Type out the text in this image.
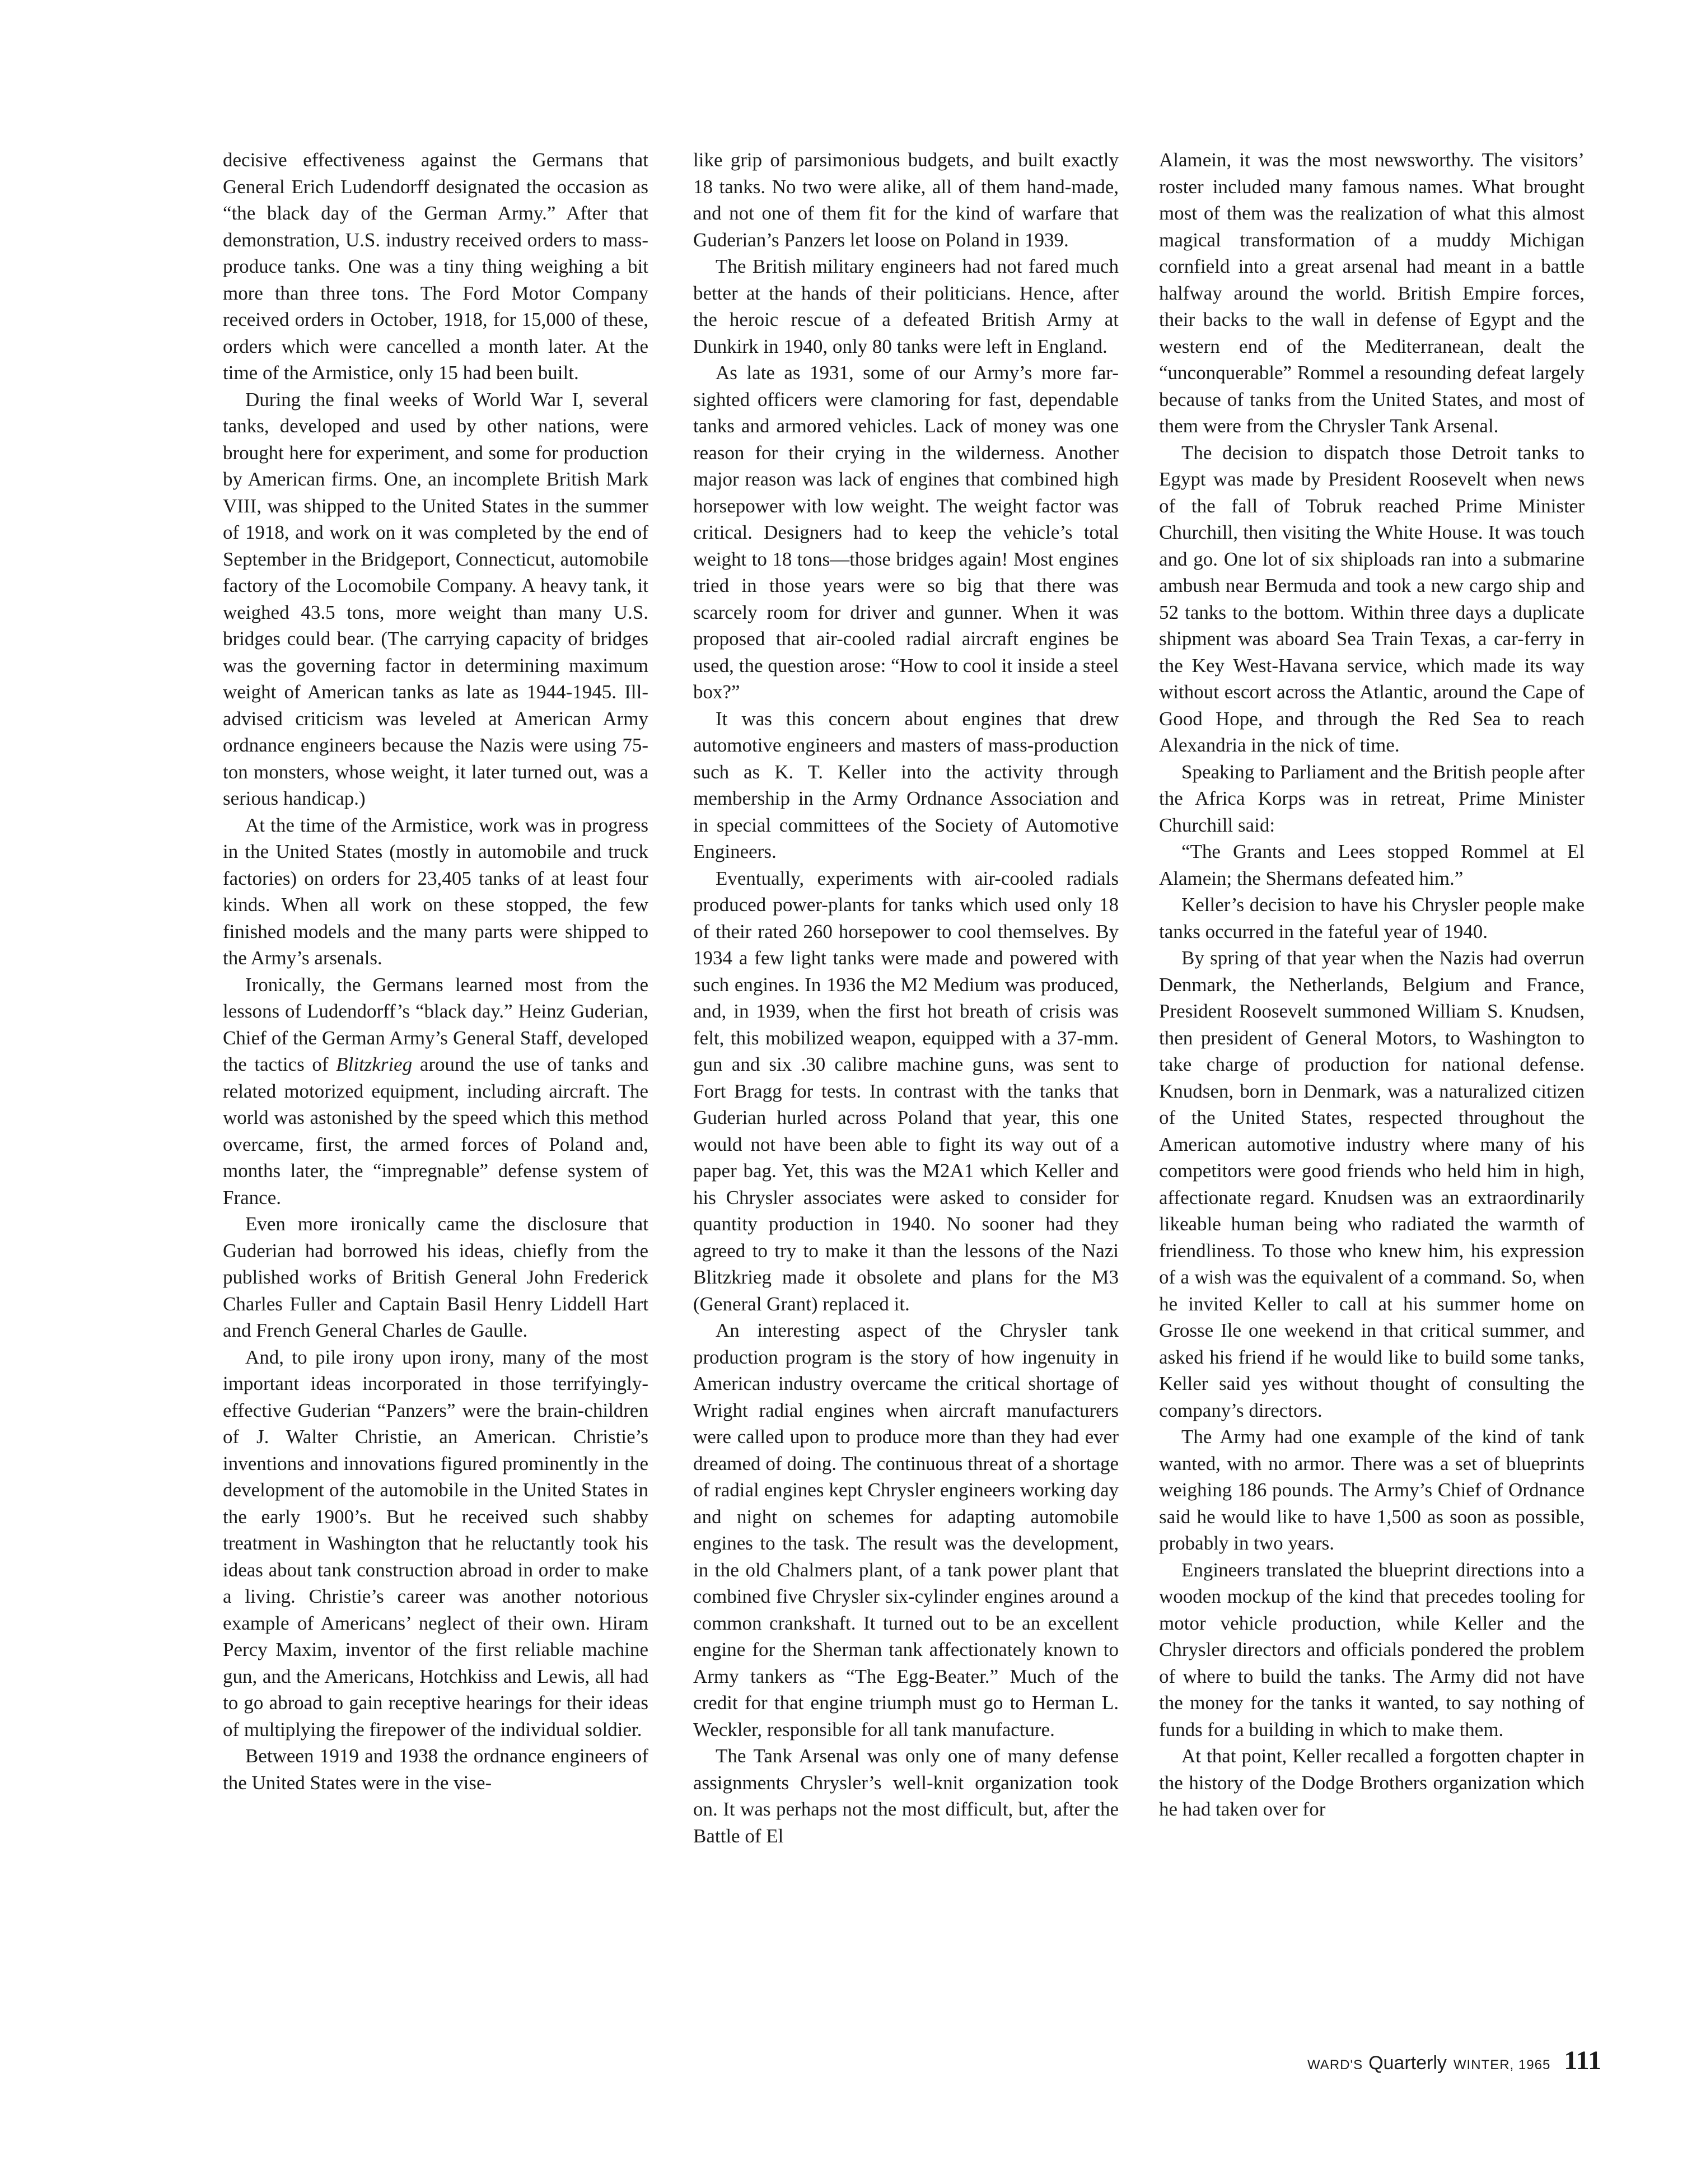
decisive effectiveness against the Germans that General Erich Ludendorff designated the occasion as “the black day of the German Army.” After that demonstration, U.S. industry received orders to mass-produce tanks. One was a tiny thing weighing a bit more than three tons. The Ford Motor Company received orders in October, 1918, for 15,000 of these, orders which were cancelled a month later. At the time of the Armistice, only 15 had been built.

During the final weeks of World War I, several tanks, developed and used by other nations, were brought here for experiment, and some for production by American firms. One, an incomplete British Mark VIII, was shipped to the United States in the summer of 1918, and work on it was completed by the end of September in the Bridgeport, Connecticut, automobile factory of the Locomobile Company. A heavy tank, it weighed 43.5 tons, more weight than many U.S. bridges could bear. (The carrying capacity of bridges was the governing factor in determining maximum weight of American tanks as late as 1944-1945. Ill-advised criticism was leveled at American Army ordnance engineers because the Nazis were using 75-ton monsters, whose weight, it later turned out, was a serious handicap.)

At the time of the Armistice, work was in progress in the United States (mostly in automobile and truck factories) on orders for 23,405 tanks of at least four kinds. When all work on these stopped, the few finished models and the many parts were shipped to the Army’s arsenals.

Ironically, the Germans learned most from the lessons of Ludendorff’s “black day.” Heinz Guderian, Chief of the German Army’s General Staff, developed the tactics of Blitzkrieg around the use of tanks and related motorized equipment, including aircraft. The world was astonished by the speed which this method overcame, first, the armed forces of Poland and, months later, the “impregnable” defense system of France.

Even more ironically came the disclosure that Guderian had borrowed his ideas, chiefly from the published works of British General John Frederick Charles Fuller and Captain Basil Henry Liddell Hart and French General Charles de Gaulle.

And, to pile irony upon irony, many of the most important ideas incorporated in those terrifyingly-effective Guderian “Panzers” were the brain-children of J. Walter Christie, an American. Christie’s inventions and innovations figured prominently in the development of the automobile in the United States in the early 1900’s. But he received such shabby treatment in Washington that he reluctantly took his ideas about tank construction abroad in order to make a living. Christie’s career was another notorious example of Americans’ neglect of their own. Hiram Percy Maxim, inventor of the first reliable machine gun, and the Americans, Hotchkiss and Lewis, all had to go abroad to gain receptive hearings for their ideas of multiplying the firepower of the individual soldier.

Between 1919 and 1938 the ordnance engineers of the United States were in the vise-

like grip of parsimonious budgets, and built exactly 18 tanks. No two were alike, all of them hand-made, and not one of them fit for the kind of warfare that Guderian’s Panzers let loose on Poland in 1939.

The British military engineers had not fared much better at the hands of their politicians. Hence, after the heroic rescue of a defeated British Army at Dunkirk in 1940, only 80 tanks were left in England.

As late as 1931, some of our Army’s more far-sighted officers were clamoring for fast, dependable tanks and armored vehicles. Lack of money was one reason for their crying in the wilderness. Another major reason was lack of engines that combined high horsepower with low weight. The weight factor was critical. Designers had to keep the vehicle’s total weight to 18 tons—those bridges again! Most engines tried in those years were so big that there was scarcely room for driver and gunner. When it was proposed that air-cooled radial aircraft engines be used, the question arose: “How to cool it inside a steel box?”

It was this concern about engines that drew automotive engineers and masters of mass-production such as K. T. Keller into the activity through membership in the Army Ordnance Association and in special committees of the Society of Automotive Engineers.

Eventually, experiments with air-cooled radials produced power-plants for tanks which used only 18 of their rated 260 horsepower to cool themselves. By 1934 a few light tanks were made and powered with such engines. In 1936 the M2 Medium was produced, and, in 1939, when the first hot breath of crisis was felt, this mobilized weapon, equipped with a 37-mm. gun and six .30 calibre machine guns, was sent to Fort Bragg for tests. In contrast with the tanks that Guderian hurled across Poland that year, this one would not have been able to fight its way out of a paper bag. Yet, this was the M2A1 which Keller and his Chrysler associates were asked to consider for quantity production in 1940. No sooner had they agreed to try to make it than the lessons of the Nazi Blitzkrieg made it obsolete and plans for the M3 (General Grant) replaced it.

An interesting aspect of the Chrysler tank production program is the story of how ingenuity in American industry overcame the critical shortage of Wright radial engines when aircraft manufacturers were called upon to produce more than they had ever dreamed of doing. The continuous threat of a shortage of radial engines kept Chrysler engineers working day and night on schemes for adapting automobile engines to the task. The result was the development, in the old Chalmers plant, of a tank power plant that combined five Chrysler six-cylinder engines around a common crankshaft. It turned out to be an excellent engine for the Sherman tank affectionately known to Army tankers as “The Egg-Beater.” Much of the credit for that engine triumph must go to Herman L. Weckler, responsible for all tank manufacture.

The Tank Arsenal was only one of many defense assignments Chrysler’s well-knit organization took on. It was perhaps not the most difficult, but, after the Battle of El

Alamein, it was the most newsworthy. The visitors’ roster included many famous names. What brought most of them was the realization of what this almost magical transformation of a muddy Michigan cornfield into a great arsenal had meant in a battle halfway around the world. British Empire forces, their backs to the wall in defense of Egypt and the western end of the Mediterranean, dealt the “unconquerable” Rommel a resounding defeat largely because of tanks from the United States, and most of them were from the Chrysler Tank Arsenal.

The decision to dispatch those Detroit tanks to Egypt was made by President Roosevelt when news of the fall of Tobruk reached Prime Minister Churchill, then visiting the White House. It was touch and go. One lot of six shiploads ran into a submarine ambush near Bermuda and took a new cargo ship and 52 tanks to the bottom. Within three days a duplicate shipment was aboard Sea Train Texas, a car-ferry in the Key West-Havana service, which made its way without escort across the Atlantic, around the Cape of Good Hope, and through the Red Sea to reach Alexandria in the nick of time.

Speaking to Parliament and the British people after the Africa Korps was in retreat, Prime Minister Churchill said:

“The Grants and Lees stopped Rommel at El Alamein; the Shermans defeated him.”

Keller’s decision to have his Chrysler people make tanks occurred in the fateful year of 1940.

By spring of that year when the Nazis had overrun Denmark, the Netherlands, Belgium and France, President Roosevelt summoned William S. Knudsen, then president of General Motors, to Washington to take charge of production for national defense. Knudsen, born in Denmark, was a naturalized citizen of the United States, respected throughout the American automotive industry where many of his competitors were good friends who held him in high, affectionate regard. Knudsen was an extraordinarily likeable human being who radiated the warmth of friendliness. To those who knew him, his expression of a wish was the equivalent of a command. So, when he invited Keller to call at his summer home on Grosse Ile one weekend in that critical summer, and asked his friend if he would like to build some tanks, Keller said yes without thought of consulting the company’s directors.

The Army had one example of the kind of tank wanted, with no armor. There was a set of blueprints weighing 186 pounds. The Army’s Chief of Ordnance said he would like to have 1,500 as soon as possible, probably in two years.

Engineers translated the blueprint directions into a wooden mockup of the kind that precedes tooling for motor vehicle production, while Keller and the Chrysler directors and officials pondered the problem of where to build the tanks. The Army did not have the money for the tanks it wanted, to say nothing of funds for a building in which to make them.

At that point, Keller recalled a forgotten chapter in the history of the Dodge Brothers organization which he had taken over for

WARD'S Quarterly WINTER, 1965 111
